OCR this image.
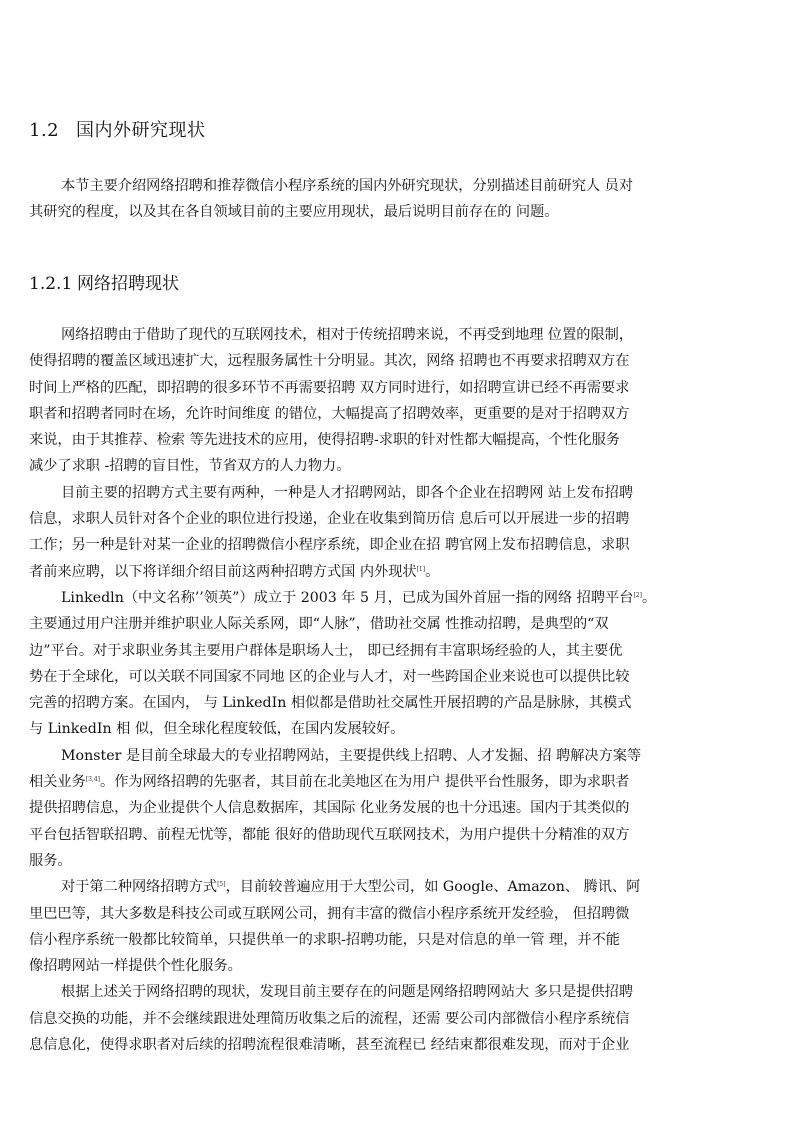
1.2 国内外研究现状
本节主要介绍网络招聘和推荐微信小程序系统的国内外研究现状，分别描述目前研究人 员对
其研究的程度，以及其在各自领域目前的主要应用现状，最后说明目前存在的 问题。
1.2.1 网络招聘现状
网络招聘由于借助了现代的互联网技术，相对于传统招聘来说，不再受到地理 位置的限制，
使得招聘的覆盖区域迅速扩大，远程服务属性十分明显。其次，网络 招聘也不再要求招聘双方在
时间上严格的匹配，即招聘的很多环节不再需要招聘 双方同时进行，如招聘宣讲已经不再需要求
职者和招聘者同时在场，允许时间维度 的错位，大幅提高了招聘效率，更重要的是对于招聘双方
来说，由于其推荐、检索 等先进技术的应用，使得招聘-求职的针对性都大幅提高，个性化服务
减少了求职 -招聘的盲目性，节省双方的人力物力。
目前主要的招聘方式主要有两种，一种是人才招聘网站，即各个企业在招聘网 站上发布招聘
信息，求职人员针对各个企业的职位进行投递，企业在收集到简历信 息后可以开展进一步的招聘
工作；另一种是针对某一企业的招聘微信小程序系统，即企业在招 聘官网上发布招聘信息，求职
者前来应聘，以下将详细介绍目前这两种招聘方式国 内外现状[1]。
Linkedln（中文名称’’领英”）成立于 2003 年 5 月，已成为国外首屈一指的网络 招聘平台[2]。
主要通过用户注册并维护职业人际关系网，即“人脉”，借助社交属 性推动招聘，是典型的“双
边”平台。对于求职业务其主要用户群体是职场人士， 即已经拥有丰富职场经验的人，其主要优
势在于全球化，可以关联不同国家不同地 区的企业与人才，对一些跨国企业来说也可以提供比较
完善的招聘方案。在国内， 与 LinkedIn 相似都是借助社交属性开展招聘的产品是脉脉，其模式
与 LinkedIn 相 似，但全球化程度较低，在国内发展较好。
Monster 是目前全球最大的专业招聘网站，主要提供线上招聘、人才发掘、招 聘解决方案等
相关业务[3,4]。作为网络招聘的先驱者，其目前在北美地区在为用户 提供平台性服务，即为求职者
提供招聘信息，为企业提供个人信息数据库，其国际 化业务发展的也十分迅速。国内于其类似的
平台包括智联招聘、前程无忧等，都能 很好的借助现代互联网技术，为用户提供十分精准的双方
服务。
对于第二种网络招聘方式[5]，目前较普遍应用于大型公司，如 Google、Amazon、 腾讯、阿
里巴巴等，其大多数是科技公司或互联网公司，拥有丰富的微信小程序系统开发经验， 但招聘微
信小程序系统一般都比较简单，只提供单一的求职-招聘功能，只是对信息的单一管 理，并不能
像招聘网站一样提供个性化服务。
根据上述关于网络招聘的现状，发现目前主要存在的问题是网络招聘网站大 多只是提供招聘
信息交换的功能，并不会继续跟进处理简历收集之后的流程，还需 要公司内部微信小程序系统信
息信息化，使得求职者对后续的招聘流程很难清晰，甚至流程已 经结束都很难发现，而对于企业
